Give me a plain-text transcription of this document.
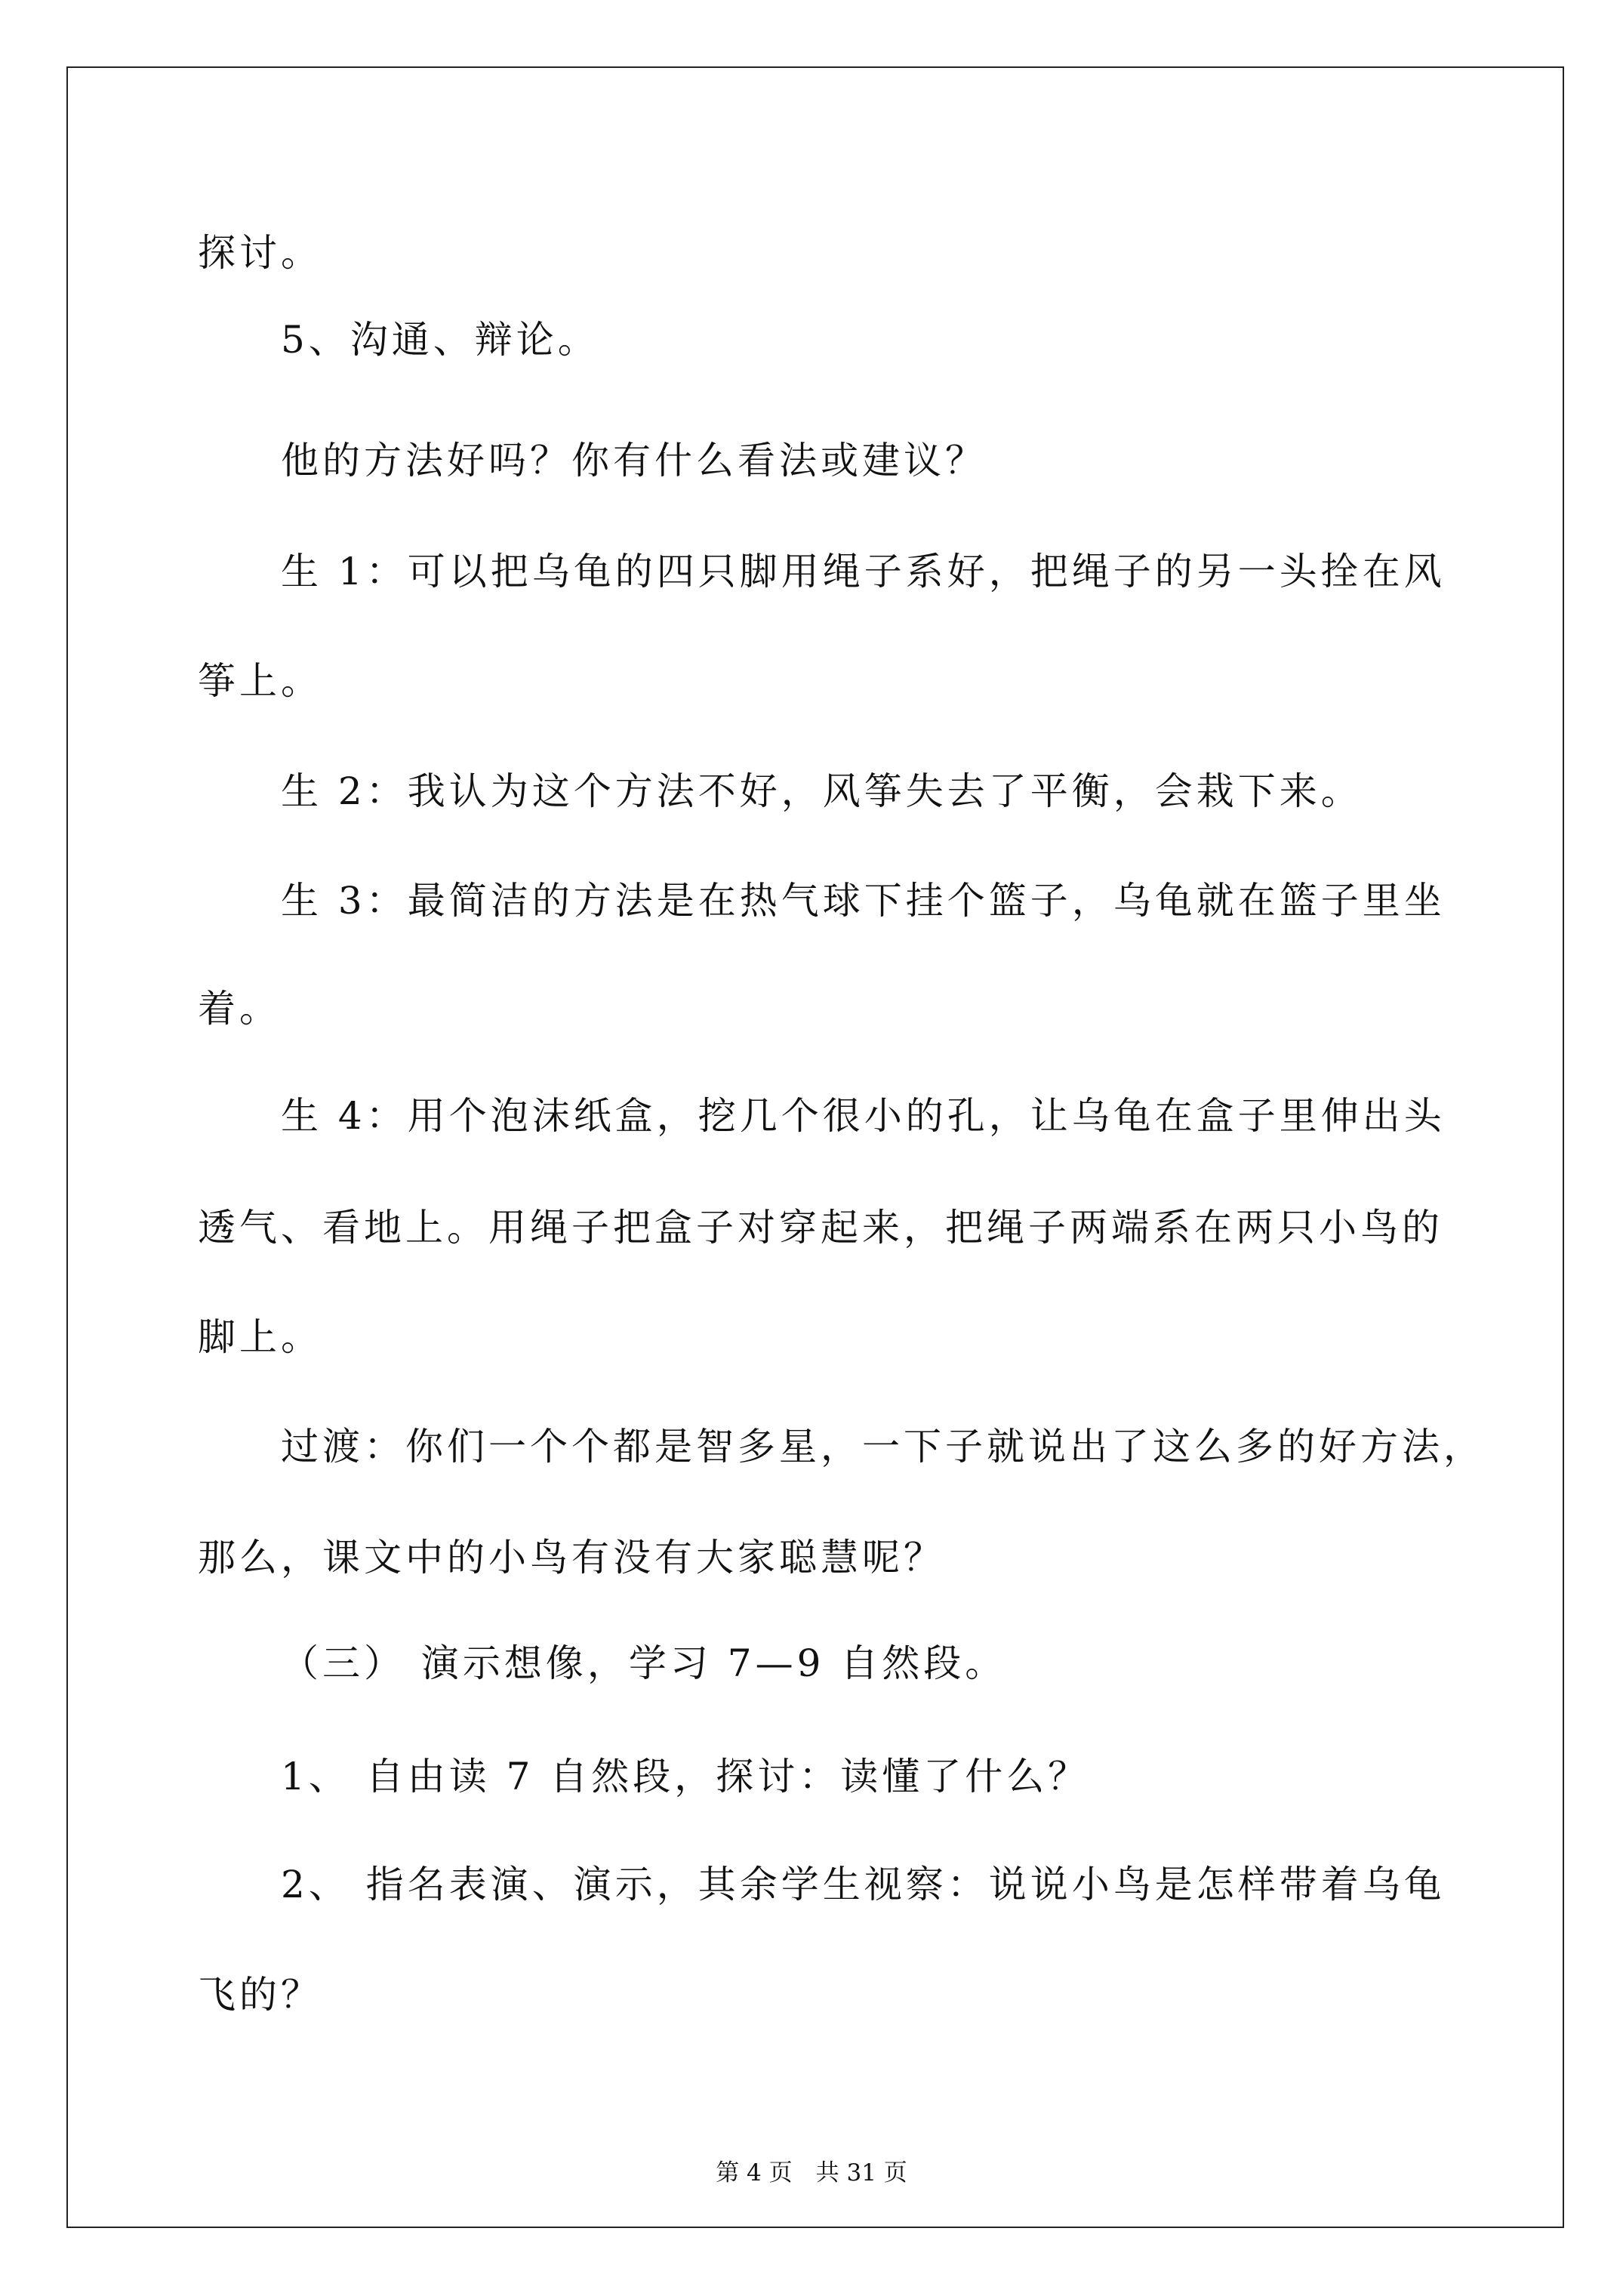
探讨。
5、沟通、辩论。
他的方法好吗？你有什么看法或建议？
生 1：可以把乌龟的四只脚用绳子系好，把绳子的另一头拴在风
筝上。
生 2：我认为这个方法不好，风筝失去了平衡，会栽下来。
生 3：最简洁的方法是在热气球下挂个篮子，乌龟就在篮子里坐
着。
生 4：用个泡沫纸盒，挖几个很小的孔，让乌龟在盒子里伸出头
透气、看地上。用绳子把盒子对穿起来，把绳子两端系在两只小鸟的
脚上。
过渡：你们一个个都是智多星，一下子就说出了这么多的好方法，
那么，课文中的小鸟有没有大家聪慧呢？
（三） 演示想像，学习 7—9 自然段。
1、 自由读 7 自然段，探讨：读懂了什么？
2、 指名表演、演示，其余学生视察：说说小鸟是怎样带着乌龟
飞的？
第 4 页　共 31 页
